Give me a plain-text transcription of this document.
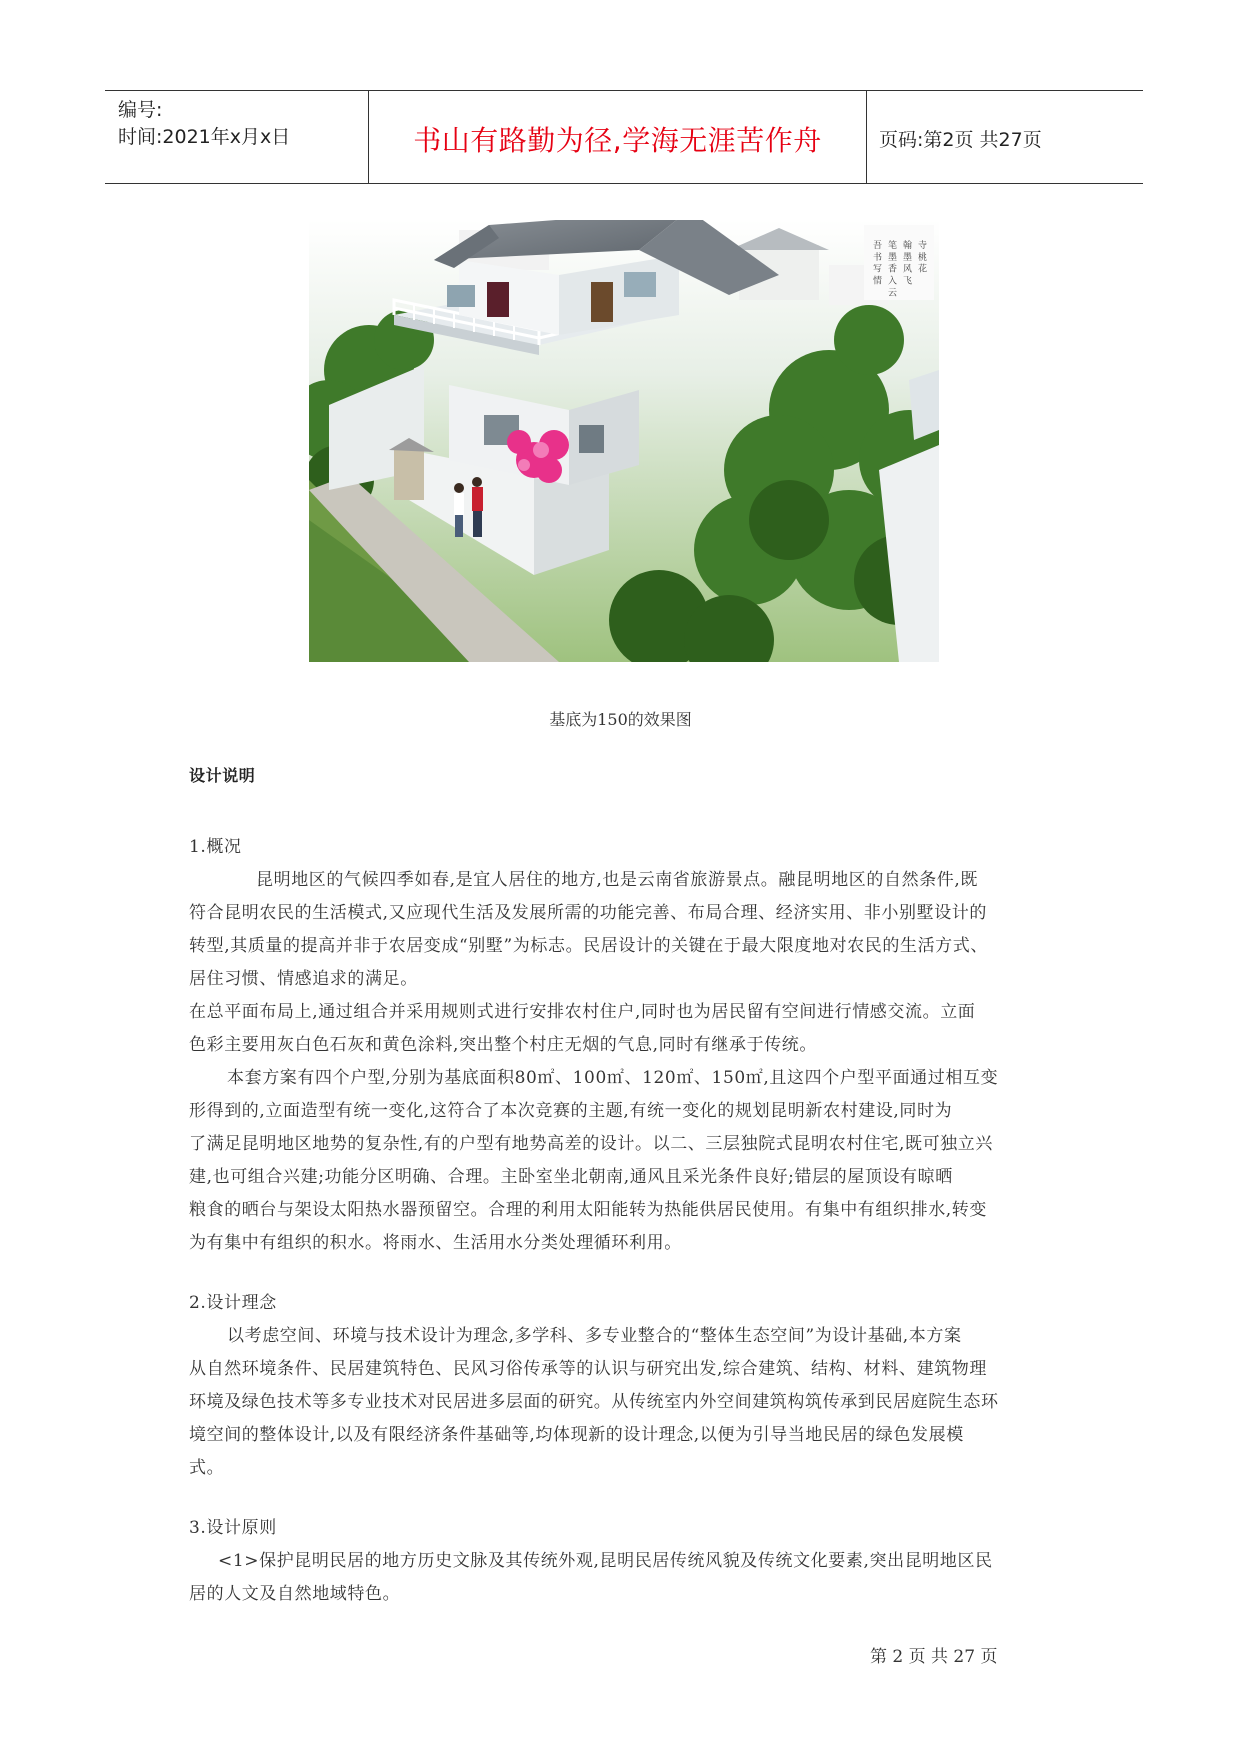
编号:
时间:2021年x月x日	书山有路勤为径,学海无涯苦作舟	页码:第2页 共27页
寺 桃 花
翰 墨 风 飞
笔 墨 香 入 云
吾 书 写 情
基底为150的效果图
设计说明
1.概况
昆明地区的气候四季如春,是宜人居住的地方,也是云南省旅游景点。融昆明地区的自然条件,既
符合昆明农民的生活模式,又应现代生活及发展所需的功能完善、布局合理、经济实用、非小别墅设计的
转型,其质量的提高并非于农居变成“别墅”为标志。民居设计的关键在于最大限度地对农民的生活方式、
居住习惯、情感追求的满足。
在总平面布局上,通过组合并采用规则式进行安排农村住户,同时也为居民留有空间进行情感交流。立面
色彩主要用灰白色石灰和黄色涂料,突出整个村庄无烟的气息,同时有继承于传统。
本套方案有四个户型,分别为基底面积80㎡、100㎡、120㎡、150㎡,且这四个户型平面通过相互变
形得到的,立面造型有统一变化,这符合了本次竞赛的主题,有统一变化的规划昆明新农村建设,同时为
了满足昆明地区地势的复杂性,有的户型有地势高差的设计。以二、三层独院式昆明农村住宅,既可独立兴
建,也可组合兴建;功能分区明确、合理。主卧室坐北朝南,通风且采光条件良好;错层的屋顶设有晾晒
粮食的晒台与架设太阳热水器预留空。合理的利用太阳能转为热能供居民使用。有集中有组织排水,转变
为有集中有组织的积水。将雨水、生活用水分类处理循环利用。
2.设计理念
以考虑空间、环境与技术设计为理念,多学科、多专业整合的“整体生态空间”为设计基础,本方案
从自然环境条件、民居建筑特色、民风习俗传承等的认识与研究出发,综合建筑、结构、材料、建筑物理
环境及绿色技术等多专业技术对民居进多层面的研究。从传统室内外空间建筑构筑传承到民居庭院生态环
境空间的整体设计,以及有限经济条件基础等,均体现新的设计理念,以便为引导当地民居的绿色发展模
式。
3.设计原则
<1>保护昆明民居的地方历史文脉及其传统外观,昆明民居传统风貌及传统文化要素,突出昆明地区民
居的人文及自然地域特色。
第 2 页 共 27 页
